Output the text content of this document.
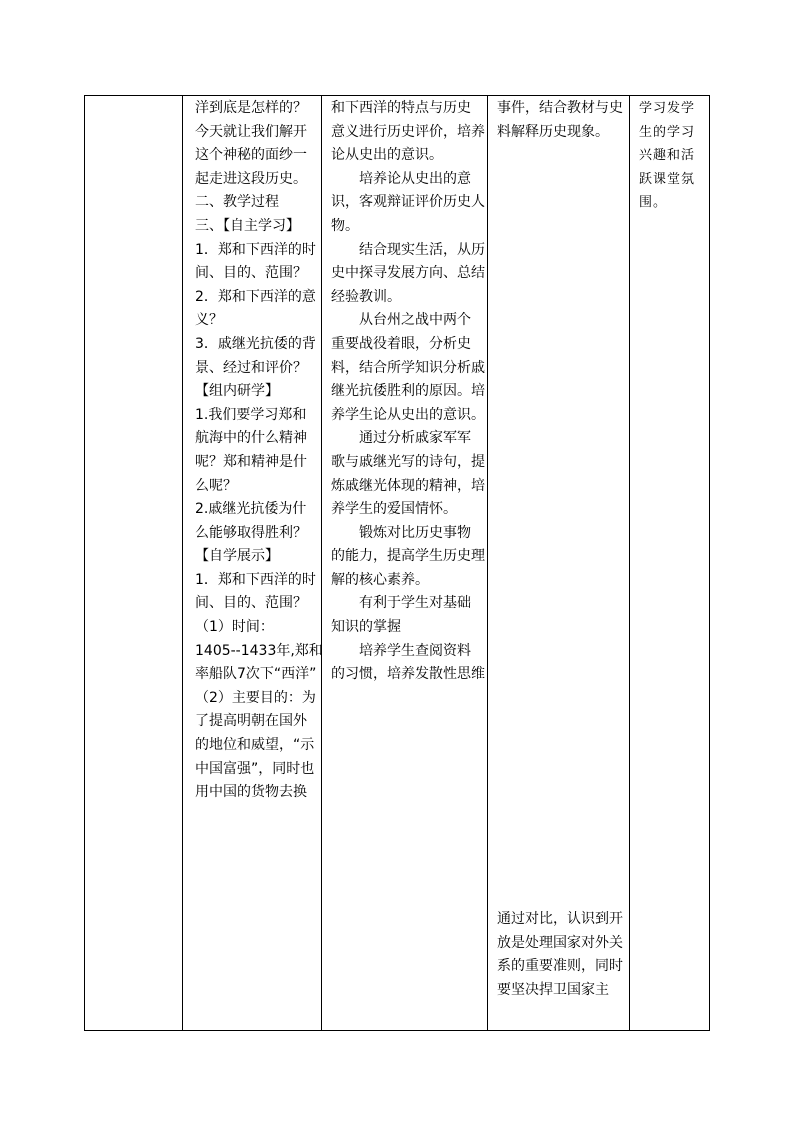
洋到底是怎样的？
今天就让我们解开
这个神秘的面纱一
起走进这段历史。
二、教学过程
三、【自主学习】
1．郑和下西洋的时
间、目的、范围？
2．郑和下西洋的意
义？
3．戚继光抗倭的背
景、经过和评价？
【组内研学】
1.我们要学习郑和
航海中的什么精神
呢？郑和精神是什
么呢？
2.戚继光抗倭为什
么能够取得胜利？
【自学展示】
1．郑和下西洋的时
间、目的、范围？
（1）时间：
1405--1433年,郑和
率船队7次下“西洋”
（2）主要目的：为
了提高明朝在国外
的地位和威望，“示
中国富强”，同时也
用中国的货物去换
和下西洋的特点与历史
意义进行历史评价，培养
论从史出的意识。
培养论从史出的意
识，客观辩证评价历史人
物。
结合现实生活，从历
史中探寻发展方向、总结
经验教训。
从台州之战中两个
重要战役着眼，分析史
料，结合所学知识分析戚
继光抗倭胜利的原因。培
养学生论从史出的意识。
通过分析戚家军军
歌与戚继光写的诗句，提
炼戚继光体现的精神，培
养学生的爱国情怀。
锻炼对比历史事物
的能力，提高学生历史理
解的核心素养。
有利于学生对基础
知识的掌握
培养学生查阅资料
的习惯，培养发散性思维
事件，结合教材与史
料解释历史现象。
通过对比，认识到开
放是处理国家对外关
系的重要准则，同时
要坚决捍卫国家主
学习发学
生的学习
兴趣和活
跃课堂氛
围。
